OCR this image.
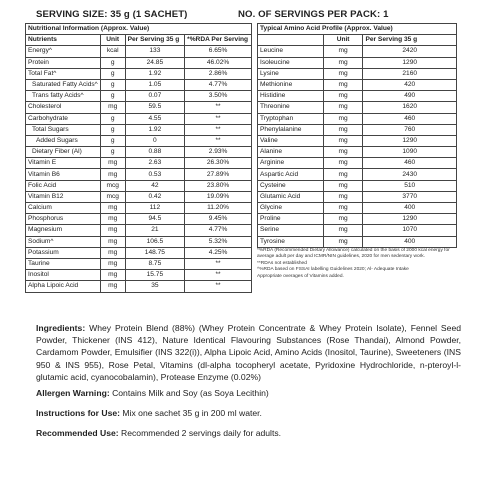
SERVING SIZE: 35 g (1 SACHET)	NO. OF SERVINGS PER PACK: 1
Nutritional Information (Approx. Value)			
Nutrients	Unit	Per Serving 35 g	*%RDA Per Serving
Energy^	kcal	133	6.65%
Protein	g	24.85	46.02%
Total Fat^	g	1.92	2.86%
Saturated Fatty Acids^	g	1.05	4.77%
Trans fatty Acids^	g	0.07	3.50%
Cholesterol	mg	59.5	**
Carbohydrate	g	4.55	**
Total Sugars	g	1.92	**
Added Sugars	g	0	**
Dietary Fiber (Al)	g	0.88	2.93%
Vitamin E	mg	2.63	26.30%
Vitamin B6	mg	0.53	27.89%
Folic Acid	mcg	42	23.80%
Vitamin B12	mcg	0.42	19.09%
Calcium	mg	112	11.20%
Phosphorus	mg	94.5	9.45%
Magnesium	mg	21	4.77%
Sodium^	mg	106.5	5.32%
Potassium	mg	148.75	4.25%
Taurine	mg	8.75	**
Inositol	mg	15.75	**
Alpha Lipoic Acid	mg	35	**
Typical Amino Acid Profile (Approx. Value)		
	Unit	Per Serving 35 g
Leucine	mg	2420
Isoleucine	mg	1290
Lysine	mg	2160
Methionine	mg	420
Histidine	mg	490
Threonine	mg	1620
Tryptophan	mg	460
Phenylalanine	mg	760
Valine	mg	1290
Alanine	mg	1090
Arginine	mg	460
Aspartic Acid	mg	2430
Cysteine	mg	510
Glutamic Acid	mg	3770
Glycine	mg	400
Proline	mg	1290
Serine	mg	1070
Tyrosine	mg	400
*%RDA (Recommended Dietary Allowance) calculated on the basis of 2000 kcal energy for average adult per day and ICMR/NIN guidelines, 2020 for men sedentary work.
**RDAs not established
^%RDA based on FSSAI labelling Guidelines 2020; Al- Adequate Intake
Appropriate overages of Vitamins added.

Ingredients: Whey Protein Blend (88%) (Whey Protein Concentrate & Whey Protein Isolate), Fennel Seed Powder, Thickener (INS 412), Nature Identical Flavouring Substances (Rose Thandai), Almond Powder, Cardamom Powder, Emulsifier (INS 322(i)), Alpha Lipoic Acid, Amino Acids (Inositol, Taurine), Sweeteners (INS 950 & INS 955), Rose Petal, Vitamins (dl-alpha tocopheryl acetate, Pyridoxine Hydrochloride, n-pteroyl-l-glutamic acid, cyanocobalamin), Protease Enzyme (0.02%)

Allergen Warning: Contains Milk and Soy (as Soya Lecithin)

Instructions for Use: Mix one sachet 35 g in 200 ml water.

Recommended Use: Recommended 2 servings daily for adults.
